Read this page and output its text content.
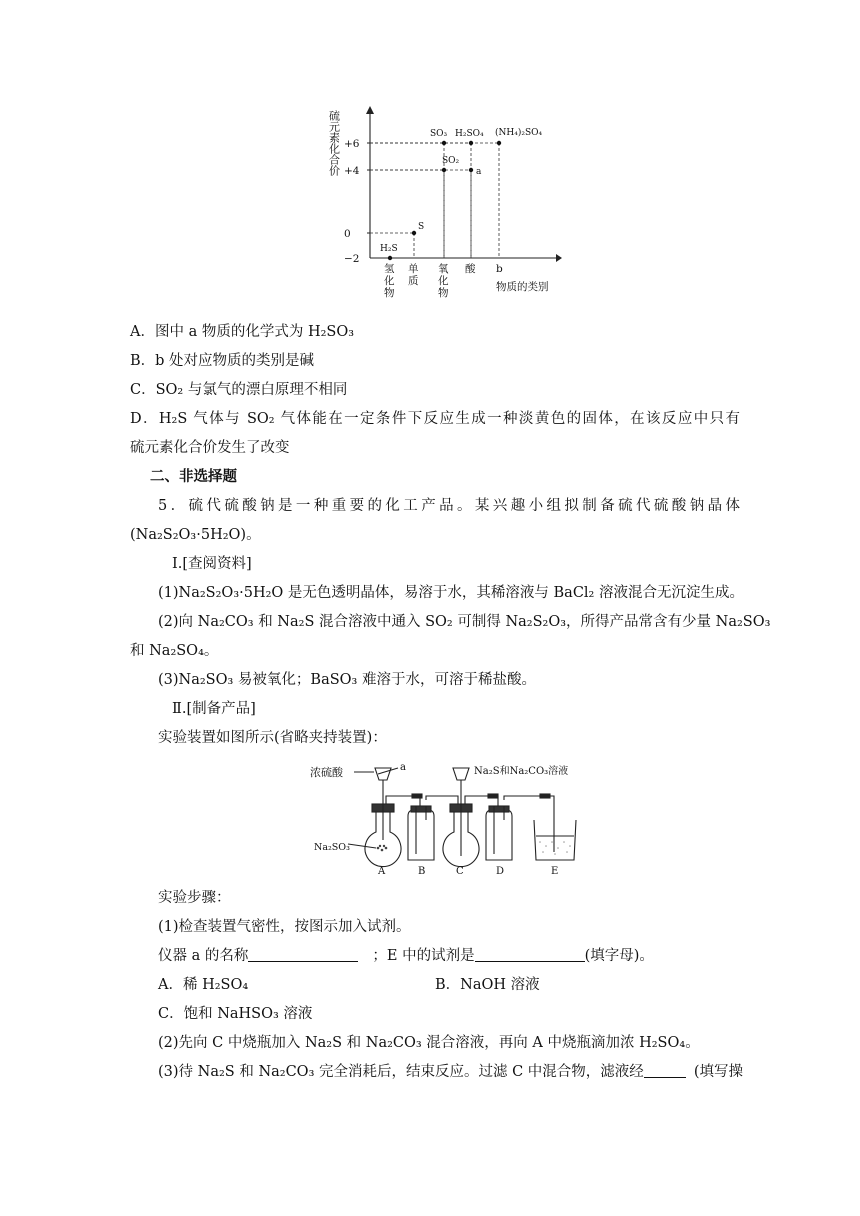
+6
+4
0
−2
硫元素化合价
氢化物
单质
氧化物
酸 b
物质的类别
H₂S
S
SO₂
SO₃
a
H₂SO₄ (NH₄)₂SO₄
A．图中 a 物质的化学式为 H₂SO₃
B．b 处对应物质的类别是碱
C．SO₂ 与氯气的漂白原理不相同
D．H₂S 气体与 SO₂ 气体能在一定条件下反应生成一种淡黄色的固体，在该反应中只有
硫元素化合价发生了改变
二、非选择题
5．硫代硫酸钠是一种重要的化工产品。某兴趣小组拟制备硫代硫酸钠晶体
(Na₂S₂O₃·5H₂O)。
Ⅰ.[查阅资料]
(1)Na₂S₂O₃·5H₂O 是无色透明晶体，易溶于水，其稀溶液与 BaCl₂ 溶液混合无沉淀生成。
(2)向 Na₂CO₃ 和 Na₂S 混合溶液中通入 SO₂ 可制得 Na₂S₂O₃，所得产品常含有少量 Na₂SO₃
和 Na₂SO₄。
(3)Na₂SO₃ 易被氧化；BaSO₃ 难溶于水，可溶于稀盐酸。
Ⅱ.[制备产品]
实验装置如图所示(省略夹持装置)：
浓硫酸	a	Na₂S和Na₂CO₃溶液
Na₂SO₃
A	B	C	D	E
实验步骤：
(1)检查装置气密性，按图示加入试剂。
仪器 a 的名称	；E 中的试剂是	(填字母)。
A．稀 H₂SO₄	B．NaOH 溶液
C．饱和 NaHSO₃ 溶液
(2)先向 C 中烧瓶加入 Na₂S 和 Na₂CO₃ 混合溶液，再向 A 中烧瓶滴加浓 H₂SO₄。
(3)待 Na₂S 和 Na₂CO₃ 完全消耗后，结束反应。过滤 C 中混合物，滤液经	(填写操
